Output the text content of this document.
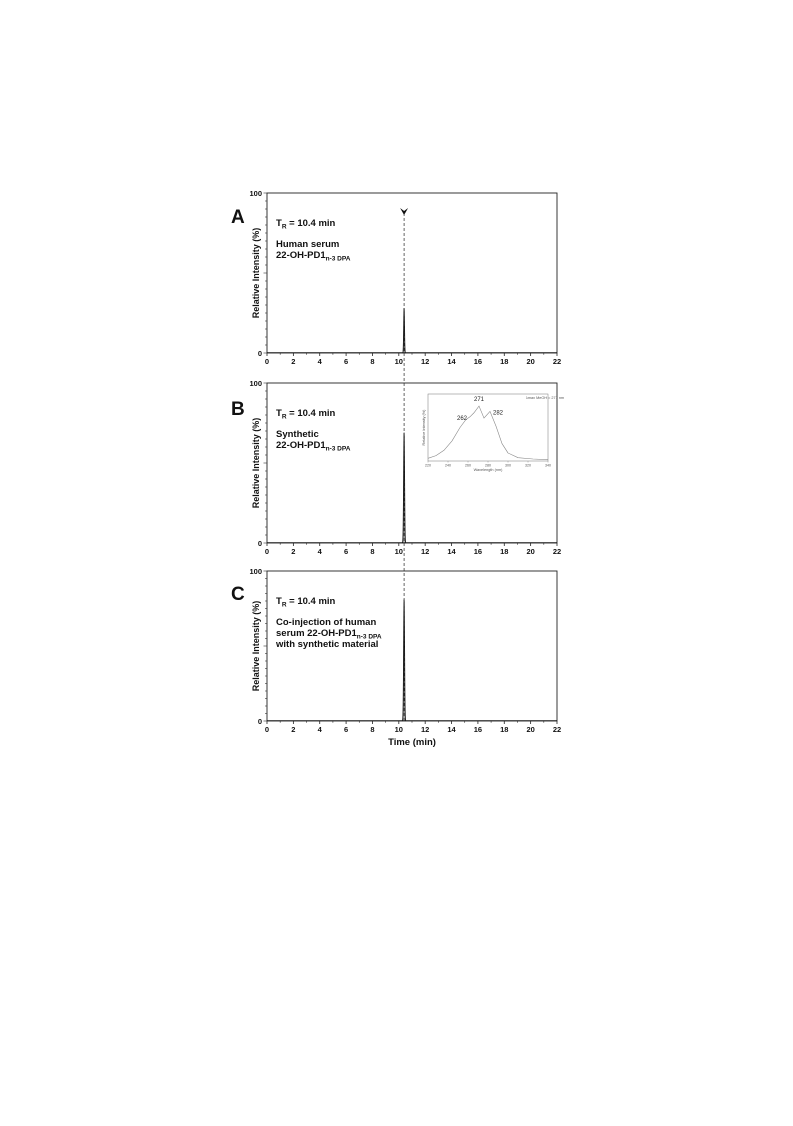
0	2	4	6	8	10 12 14 16 18 20 22
0
100
Relative Intensity (%)
A	$T_R = 10.4$ min
Human serum
$22-OH-PD1_{n-3 DPA}$
0	2	4	6	8	10 12 14 16 18 20 22
0
100
Relative Intensity (%)
B	$T_R = 10.4$ min
Synthetic
$22-OH-PD1_{n-3 DPA}$
220	240	260	280	300	320	340
Wavelength (nm)
Relative Intensity (%)
λmax MeOH = 271 nm
262
271
282
0	2	4	6	8	10 12 14 16 18 20 22
0
100
Relative Intensity (%)
Time (min)
C	$T_R = 10.4$ min
Co-injection of human
serum $22-OH-PD1_{n-3 DPA}$
with synthetic material
